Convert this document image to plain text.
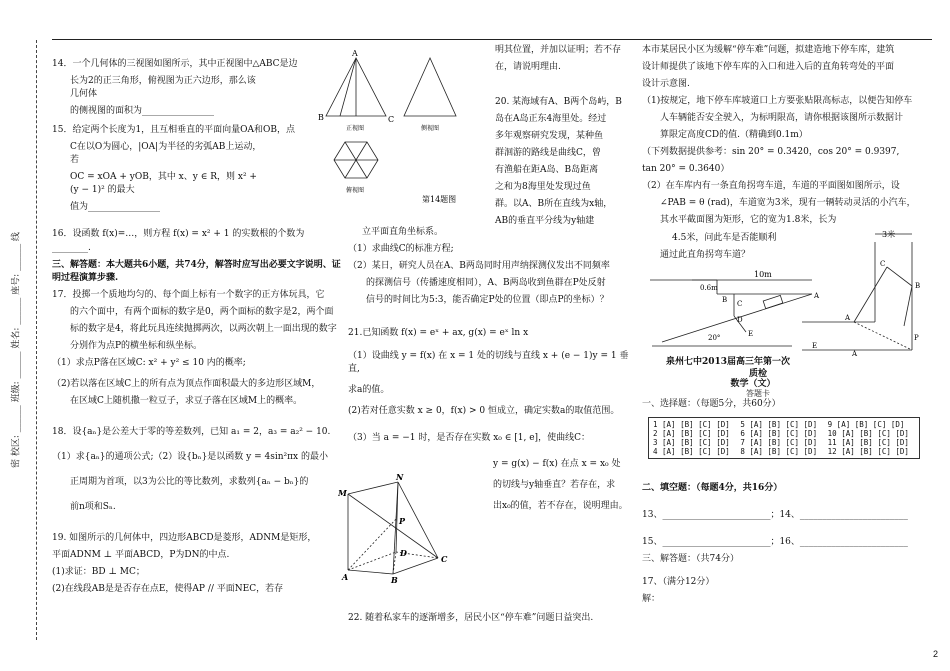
密 校区: ______ 班级: ______ 姓名: ______ 座号: ______ 线

14．一个几何体的三视图如图所示，其中正视图中△ABC是边

长为2的正三角形，俯视图为正六边形，那么该几何体

的侧视图的面积为________________

15．给定两个长度为1，且互相垂直的平面向量OA和OB，点

C在以O为圆心，|OA|为半径的劣弧AB上运动，若

OC = xOA + yOB，其中 x、y ∈ R，则 x² + (y − 1)² 的最大

值为________________

16．设函数 f(x)=…，则方程 f(x) = x² + 1 的实数根的个数为________.

三、解答题：本大题共6小题，共74分，解答时应写出必要文字说明、证明过程演算步骤.

17．投掷一个质地均匀的、每个面上标有一个数字的正方体玩具，它

的六个面中，有两个面标的数字是0，两个面标的数字是2，两个面

标的数字是4，将此玩具连续抛掷两次，以两次朝上一面出现的数字

分别作为点P的横坐标和纵坐标。

（1）求点P落在区域C: x² + y² ≤ 10 内的概率;

（2)若以落在区域C上的所有点为顶点作面积最大的多边形区域M，

在区域C上随机撒一粒豆子，求豆子落在区域M上的概率。

18．设{aₙ}是公差大于零的等差数列，已知 a₁ = 2，a₃ = a₂² − 10.

（1）求{aₙ}的通项公式;（2）设{bₙ}是以函数 y = 4sin²πx 的最小

正周期为首项，以3为公比的等比数列，求数列{aₙ − bₙ}的

前n项和Sₙ.

19. 如图所示的几何体中，四边形ABCD是菱形，ADNM是矩形，

平面ADNM ⊥ 平面ABCD，P为DN的中点.

(1)求证：BD ⊥ MC；

(2)在线段AB是是否存在点E，使得AP // 平面NEC，若存

A
B	C
正视图	侧视图
俯视图
第14题图

明其位置，并加以证明；若不存

在，请说明理由.

20. 某海域有A、B两个岛屿，B

岛在A岛正东4海里处。经过

多年观察研究发现，某种鱼

群洄游的路线是曲线C，曾

有渔船在距A岛、B岛距离

之和为8海里处发现过鱼

群。以A、B所在直线为x轴，

AB的垂直平分线为y轴建

立平面直角坐标系。

（1）求曲线C的标准方程;

（2）某日，研究人员在A、B两岛同时用声纳探测仪发出不同频率

的探测信号（传播速度相同），A、B两岛收到鱼群在P处反射

信号的时间比为5:3，能否确定P处的位置（即点P的坐标）？

21.已知函数 f(x) = eˣ + ax, g(x) = eˣ ln x

（1）设曲线 y = f(x) 在 x = 1 处的切线与直线 x + (e − 1)y = 1 垂直,

求a的值。

(2)若对任意实数 x ≥ 0，f(x) > 0 恒成立，确定实数a的取值范围。

（3）当 a = −1 时，是否存在实数 x₀ ∈ [1, e]，使曲线C：

y = g(x) − f(x) 在点 x = x₀ 处

的切线与y轴垂直？若存在，求

出x₀的值，若不存在，说明理由。

M
N
P
D
C
A	B

22. 随着私家车的逐渐增多，居民小区“停车难”问题日益突出.

本市某居民小区为缓解“停车难”问题，拟建造地下停车库，建筑

设计师提供了该地下停车库的入口和进入后的直角转弯处的平面

设计示意图.

（1)按规定，地下停车库坡道口上方要张贴限高标志，以便告知停车

人车辆能否安全驶入，为标明限高，请你根据该图所示数据计

算限定高度CD的值.（精确到0.1m）

（下列数据提供参考：sin 20° = 0.3420，cos 20° = 0.9397,

tan 20° = 0.3640）

（2）在车库内有一条直角拐弯车道，车道的平面图如图所示，设

∠PAB = θ (rad)，车道宽为3米，现有一辆转动灵活的小汽车，

其水平截面图为矩形，它的宽为1.8米，长为

4.5米，问此车是否能顺利

通过此直角拐弯车道？

3米
10m
0.6m
20°
A
B C
D
E
C
B
A
P
E
A
泉州七中2013届高三年第一次
质检
数学（文）
答题卡

一、选择题：（每题5分，共60分）

1 [A] [B] [C] [D]	5 [A] [B] [C] [D]	9 [A] [B] [C] [D]
2 [A] [B] [C] [D]	6 [A] [B] [C] [D]	10 [A] [B] [C] [D]
3 [A] [B] [C] [D]	7 [A] [B] [C] [D]	11 [A] [B] [C] [D]
4 [A] [B] [C] [D]	8 [A] [B] [C] [D]	12 [A] [B] [C] [D]

二、填空题：（每题4分，共16分）

13、________________________；14、________________________

15、________________________；16、________________________

三、解答题：（共74分）

17、（满分12分）

解：

2
